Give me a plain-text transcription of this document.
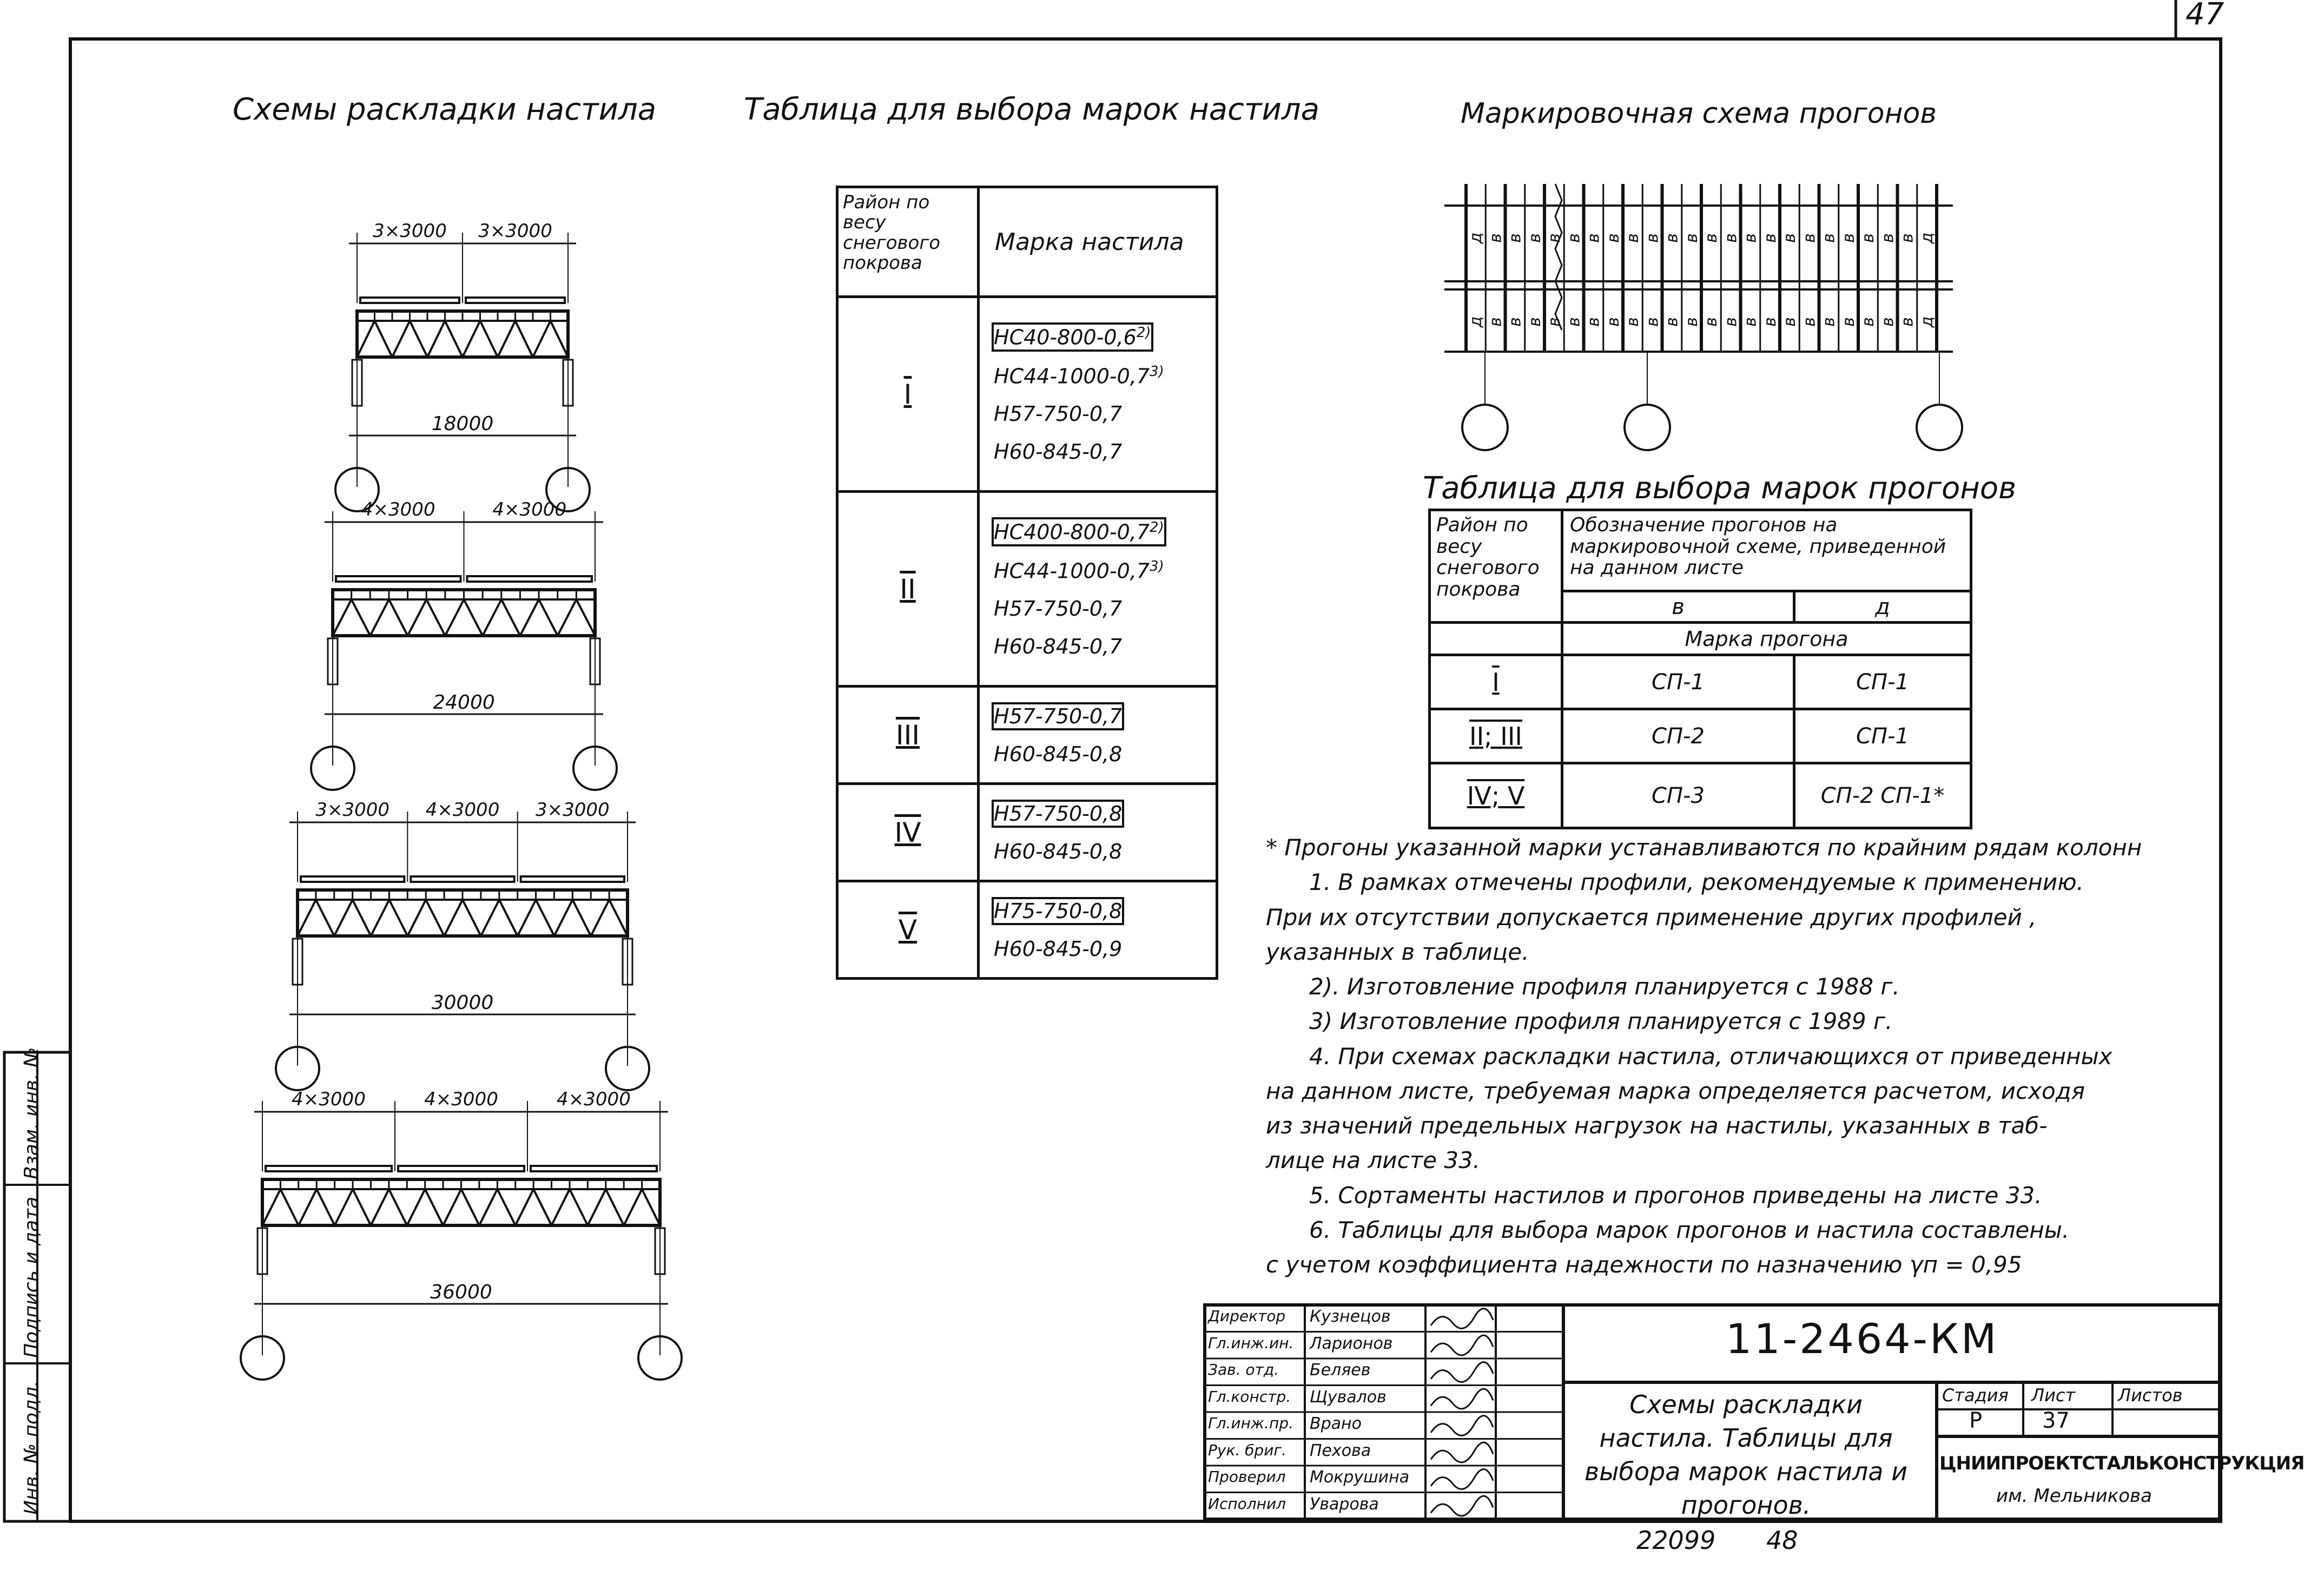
47
Инв. № подл.
Подпись и дата
Взам. инв. №
Схемы раскладки настила	Таблица для выбора марок настила	Маркировочная схема прогонов
Таблица для выбора марок прогонов
3×3000 3×3000
18000
4×3000	4×3000
24000
3×3000 4×3000 3×3000
30000
4×3000	4×3000	4×3000
36000
Район по весу снегового покрова	Марка настила
I	НС40-800-0,6$^{2)}$
НС44-1000-0,7$^{3)}$
Н57-750-0,7
Н60-845-0,7

II	НС400-800-0,7$^{2)}$
НС44-1000-0,7$^{3)}$
Н57-750-0,7
Н60-845-0,7

III	Н57-750-0,7
Н60-845-0,8

IV	Н57-750-0,8
Н60-845-0,8

V	Н75-750-0,8
Н60-845-0,9
д в в в в в в в в в в в в в в в в в в в в в в д
д в в в в в в в в в в в в в в в в в в в в в в д
Район по весу снегового покрова	Обозначение прогонов на маркировочной схеме, приведенной на данном листе	
	в	д
	Марка прогона	
I	СП-1	СП-1
II; III	СП-2	СП-1
IV; V	СП-3	СП-2 СП-1*
* Прогоны указанной марки устанавливаются по крайним рядам колонн
1. В рамках отмечены профили, рекомендуемые к применению.
При их отсутствии допускается применение других профилей ,
указанных в таблице.
2). Изготовление профиля планируется с 1988 г.
3) Изготовление профиля планируется с 1989 г.
4. При схемах раскладки настила, отличающихся от приведенных
на данном листе, требуемая марка определяется расчетом, исходя
из значений предельных нагрузок на настилы, указанных в таб-
лице на листе 33.
5. Сортаменты настилов и прогонов приведены на листе 33.
6. Таблицы для выбора марок прогонов и настила составлены.
с учетом коэффициента надежности по назначению γп = 0,95
Директор Кузнецов
Гл.инж.ин. Ларионов
Зав. отд. Беляев
Гл.констр. Щувалов
Гл.инж.пр. Врано
Рук. бриг. Пехова
Проверил Мокрушина
Исполнил Уварова
11-2464-КМ
Схемы раскладки настила. Таблицы для выбора марок настила и прогонов.
Стадия Лист Листов
Р	37
ЦНИИПРОЕКТСТАЛЬКОНСТРУКЦИЯ
им. Мельникова
22099 48
